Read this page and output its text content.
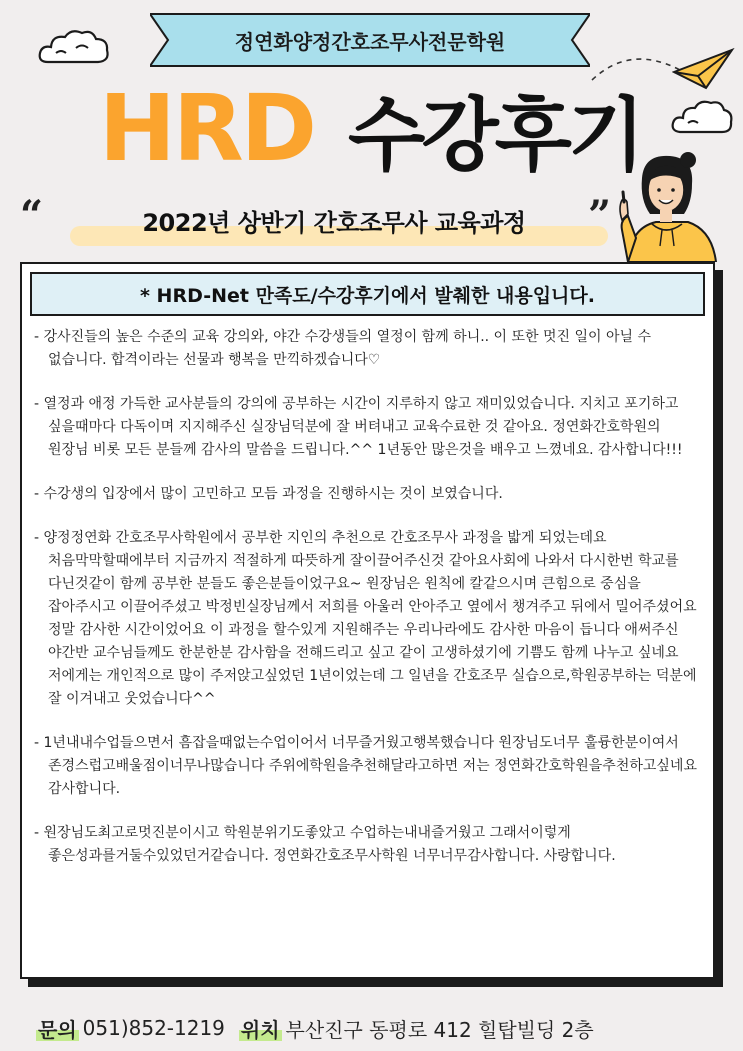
정연화양정간호조무사전문학원
HRD 수강후기
“	2022년 상반기 간호조무사 교육과정	”
* HRD-Net 만족도/수강후기에서 발췌한 내용입니다.
- 강사진들의 높은 수준의 교육 강의와, 야간 수강생들의 열정이 함께 하니.. 이 또한 멋진 일이 아닐 수 없습니다. 합격이라는 선물과 행복을 만끽하겠습니다♡
- 열정과 애정 가득한 교사분들의 강의에 공부하는 시간이 지루하지 않고 재미있었습니다. 지치고 포기하고 싶을때마다 다독이며 지지해주신 실장님덕분에 잘 버텨내고 교육수료한 것 같아요. 정연화간호학원의 원장님 비롯 모든 분들께 감사의 말씀을 드립니다.^^ 1년동안 많은것을 배우고 느꼈네요. 감사합니다!!!
- 수강생의 입장에서 많이 고민하고 모듬 과정을 진행하시는 것이 보였습니다.
- 양정정연화 간호조무사학원에서 공부한 지인의 추천으로 간호조무사 과정을 밟게 되었는데요 처음막막할때에부터 지금까지 적절하게 따뜻하게 잘이끌어주신것 같아요사회에 나와서 다시한번 학교를 다닌것같이 함께 공부한 분들도 좋은분들이었구요~ 원장님은 원칙에 칼같으시며 큰힘으로 중심을 잡아주시고 이끌어주셨고 박정빈실장님께서 저희를 아울러 안아주고 옆에서 챙겨주고 뒤에서 밀어주셨어요 정말 감사한 시간이었어요 이 과정을 할수있게 지원해주는 우리나라에도 감사한 마음이 듭니다 애써주신 야간반 교수님들께도 한분한분 감사함을 전해드리고 싶고 같이 고생하셨기에 기쁨도 함께 나누고 싶네요 저에게는 개인적으로 많이 주저앉고싶었던 1년이었는데 그 일년을 간호조무 실습으로,학원공부하는 덕분에 잘 이겨내고 웃었습니다^^
- 1년내내수업들으면서 흠잡을때없는수업이어서 너무즐거웠고행복했습니다 원장님도너무 훌륭한분이여서 존경스럽고배울점이너무나많습니다 주위에학원을추천해달라고하면 저는 정연화간호학원을추천하고싶네요 감사합니다.
- 원장님도최고로멋진분이시고 학원분위기도좋았고 수업하는내내즐거웠고 그래서이렇게 좋은성과를거둘수있었던거같습니다. 정연화간호조무사학원 너무너무감사합니다. 사랑합니다.
문의 051)852-1219 위치 부산진구 동평로 412 힐탑빌딩 2층
